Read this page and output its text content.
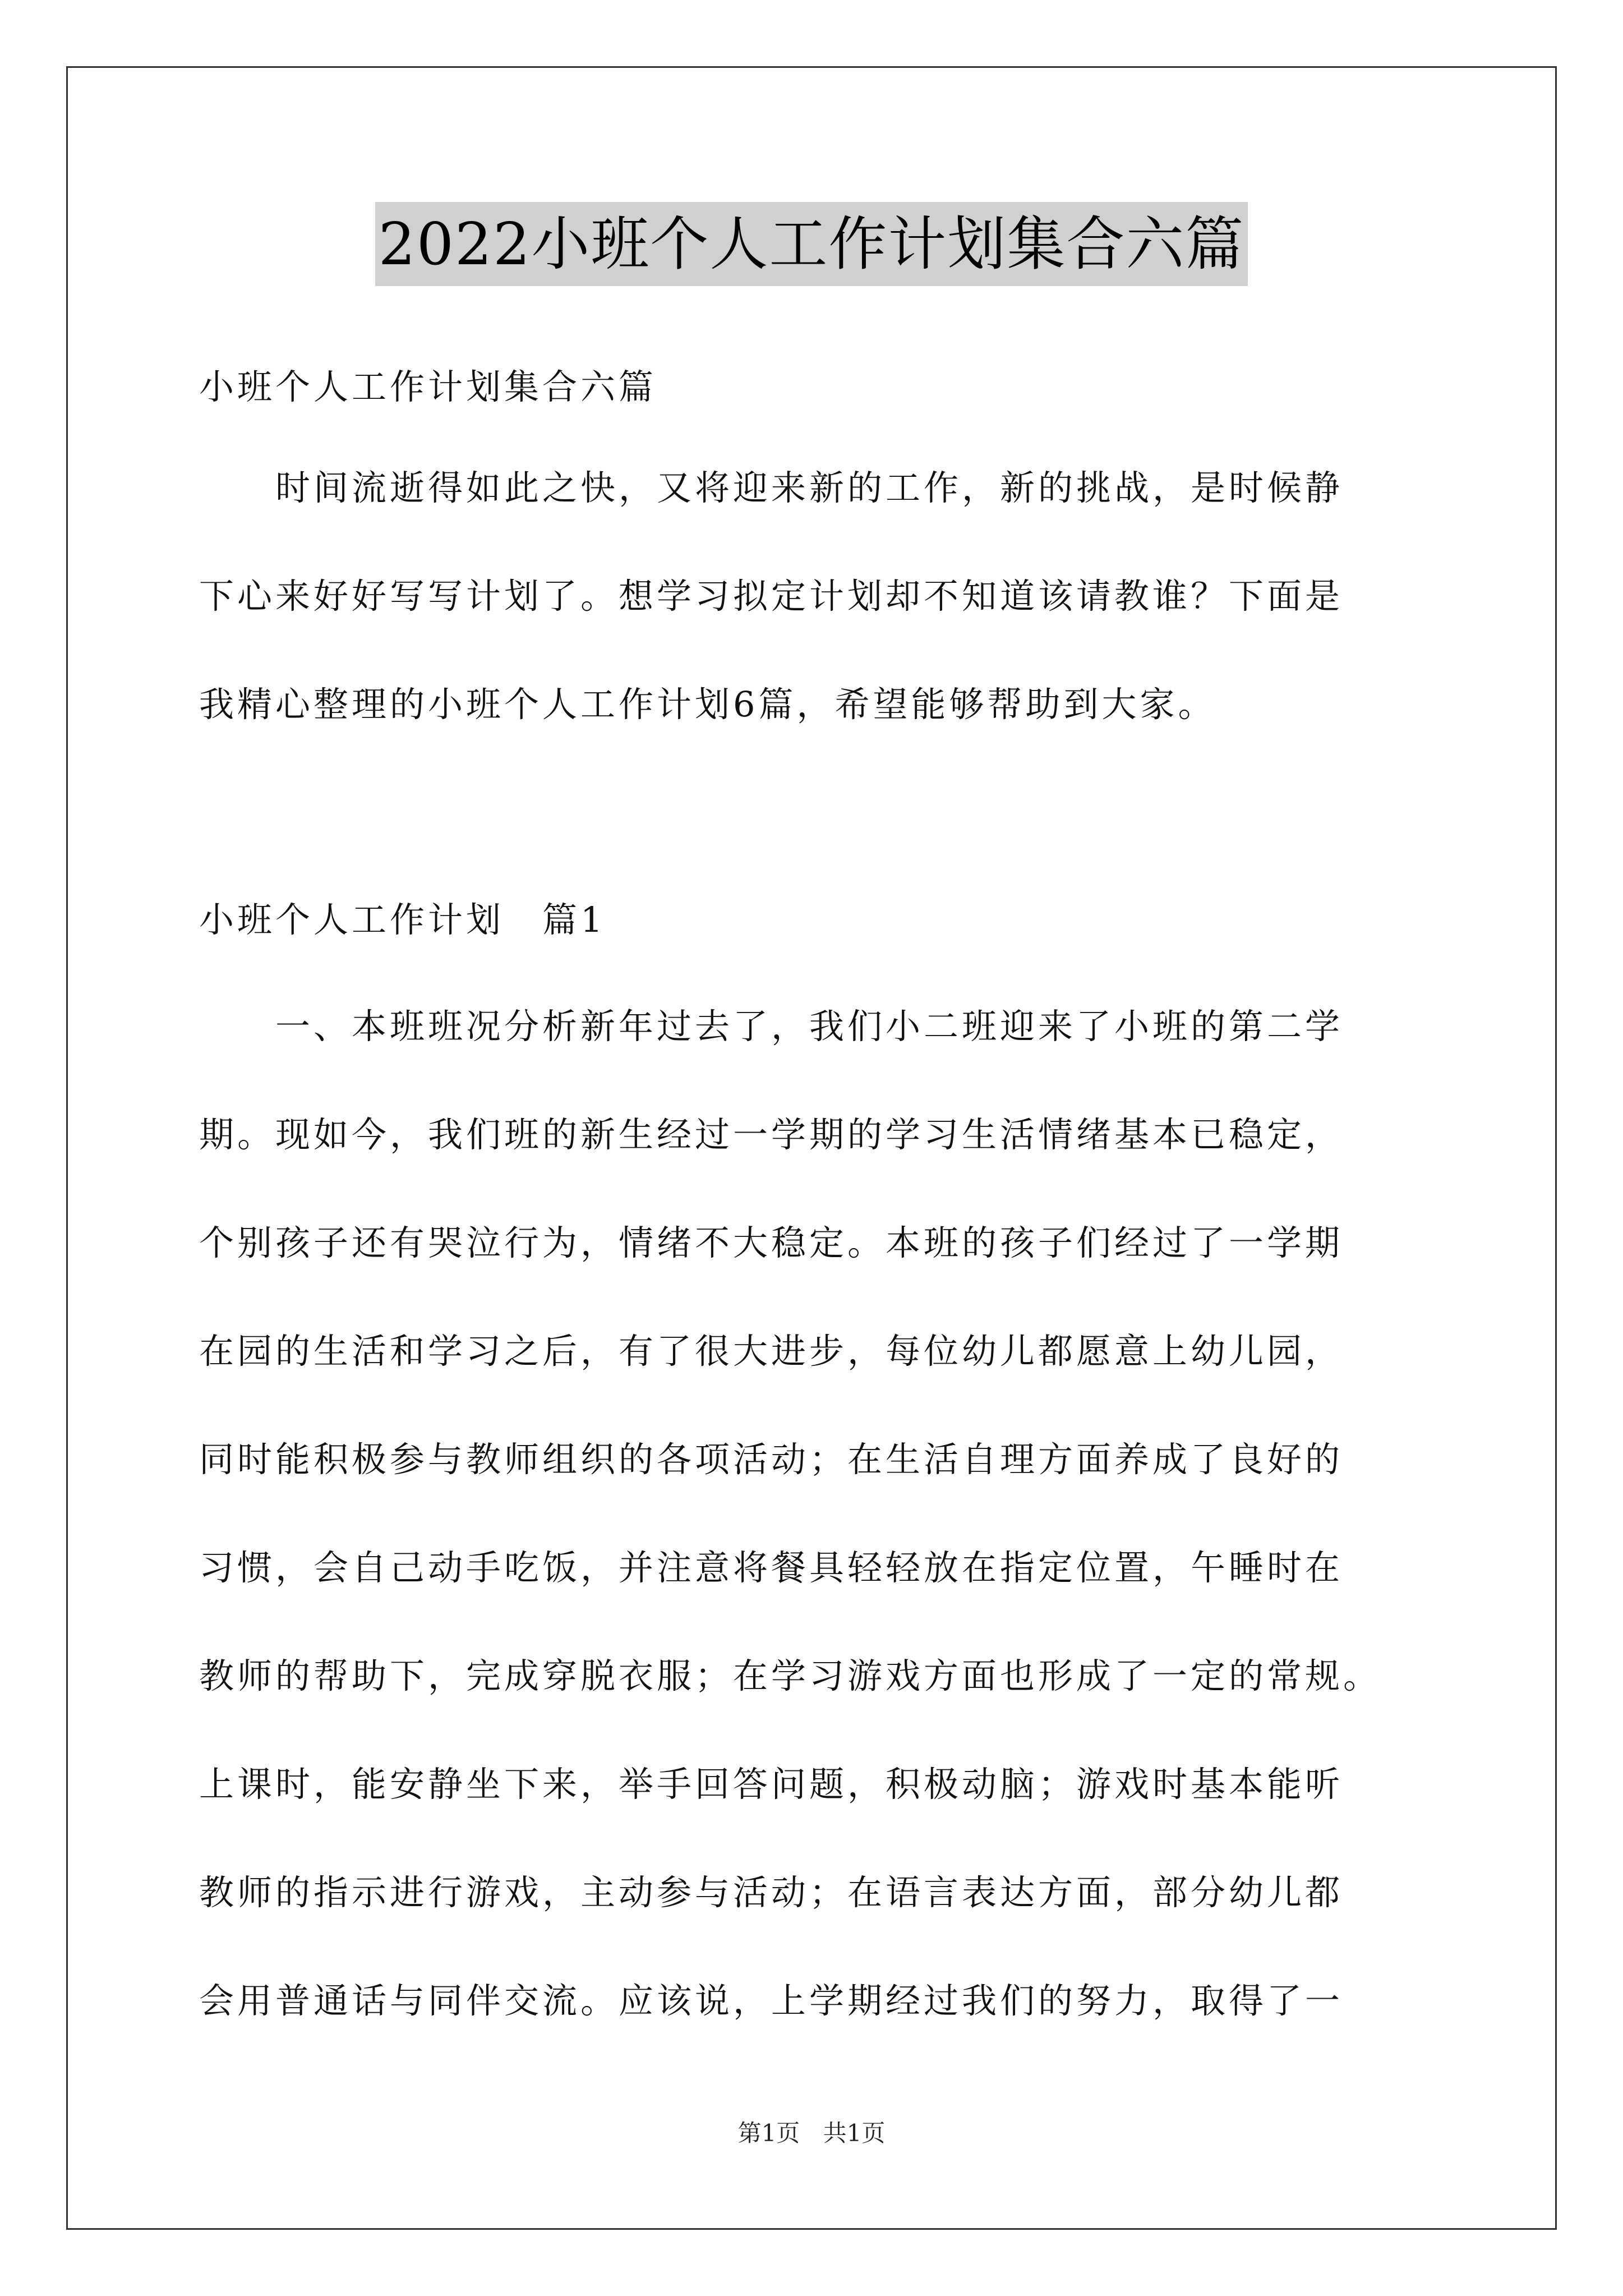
2022小班个人工作计划集合六篇
小班个人工作计划集合六篇
　　时间流逝得如此之快，又将迎来新的工作，新的挑战，是时候静
下心来好好写写计划了。想学习拟定计划却不知道该请教谁？下面是
我精心整理的小班个人工作计划6篇，希望能够帮助到大家。
小班个人工作计划　篇1
　　一、本班班况分析新年过去了，我们小二班迎来了小班的第二学
期。现如今，我们班的新生经过一学期的学习生活情绪基本已稳定，
个别孩子还有哭泣行为，情绪不大稳定。本班的孩子们经过了一学期
在园的生活和学习之后，有了很大进步，每位幼儿都愿意上幼儿园，
同时能积极参与教师组织的各项活动；在生活自理方面养成了良好的
习惯，会自己动手吃饭，并注意将餐具轻轻放在指定位置，午睡时在
教师的帮助下，完成穿脱衣服；在学习游戏方面也形成了一定的常规。
上课时，能安静坐下来，举手回答问题，积极动脑；游戏时基本能听
教师的指示进行游戏，主动参与活动；在语言表达方面，部分幼儿都
会用普通话与同伴交流。应该说，上学期经过我们的努力，取得了一
第1页 共1页
